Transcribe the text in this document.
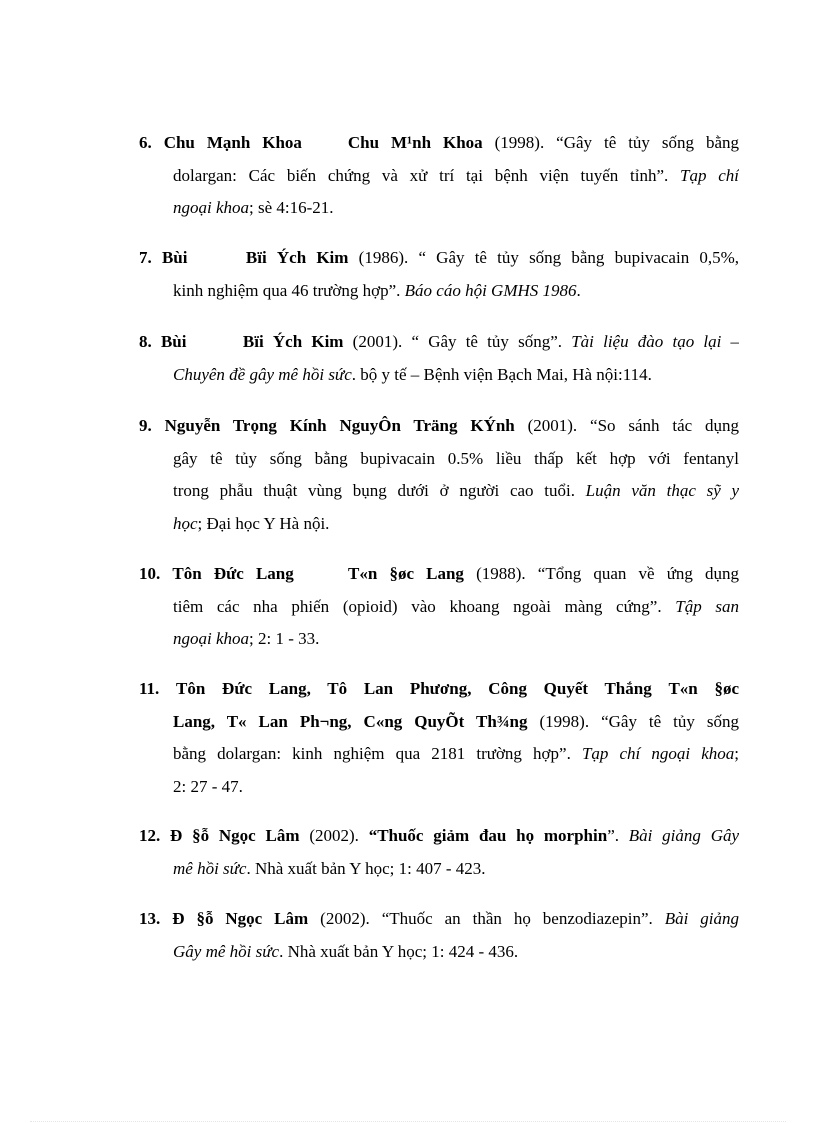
6. Chu Mạnh Khoa	Chu M¹nh Khoa (1998). “Gây tê tủy sống bằng
dolargan: Các biến chứng và xử trí tại bệnh viện tuyến tỉnh”. Tạp chí
ngoại khoa; sè 4:16-21.
7. Bùi	Bïi Ých Kim (1986). “ Gây tê tủy sống bằng bupivacain 0,5%,
kinh nghiệm qua 46 trường hợp”. Báo cáo hội GMHS 1986.
8. Bùi	Bïi Ých Kim (2001). “ Gây tê tủy sống”. Tài liệu đào tạo lại –
Chuyên đề gây mê hồi sức. bộ y tế – Bệnh viện Bạch Mai, Hà nội:114.
9. Nguyễn Trọng Kính NguyÔn Träng KÝnh (2001). “So sánh tác dụng
gây tê tủy sống bằng bupivacain 0.5% liều thấp kết hợp với fentanyl
trong phẫu thuật vùng bụng dưới ở người cao tuổi. Luận văn thạc sỹ y
học; Đại học Y Hà nội.
10. Tôn Đức Lang	T«n §øc Lang (1988). “Tổng quan về ứng dụng
tiêm các nha phiến (opioid) vào khoang ngoài màng cứng”. Tập san
ngoại khoa; 2: 1 - 33.
11. Tôn Đức Lang, Tô Lan Phương, Công Quyết Thắng T«n §øc
Lang, T« Lan Ph¬ng, C«ng QuyÕt Th¾ng (1998). “Gây tê tủy sống
bằng dolargan: kinh nghiệm qua 2181 trường hợp”. Tạp chí ngoại khoa;
2: 27 - 47.
12. Đ §ỗ Ngọc Lâm (2002). “Thuốc giảm đau họ morphin”. Bài giảng Gây
mê hồi sức. Nhà xuất bản Y học; 1: 407 - 423.
13. Đ §ỗ Ngọc Lâm (2002). “Thuốc an thần họ benzodiazepin”. Bài giảng
Gây mê hồi sức. Nhà xuất bản Y học; 1: 424 - 436.
